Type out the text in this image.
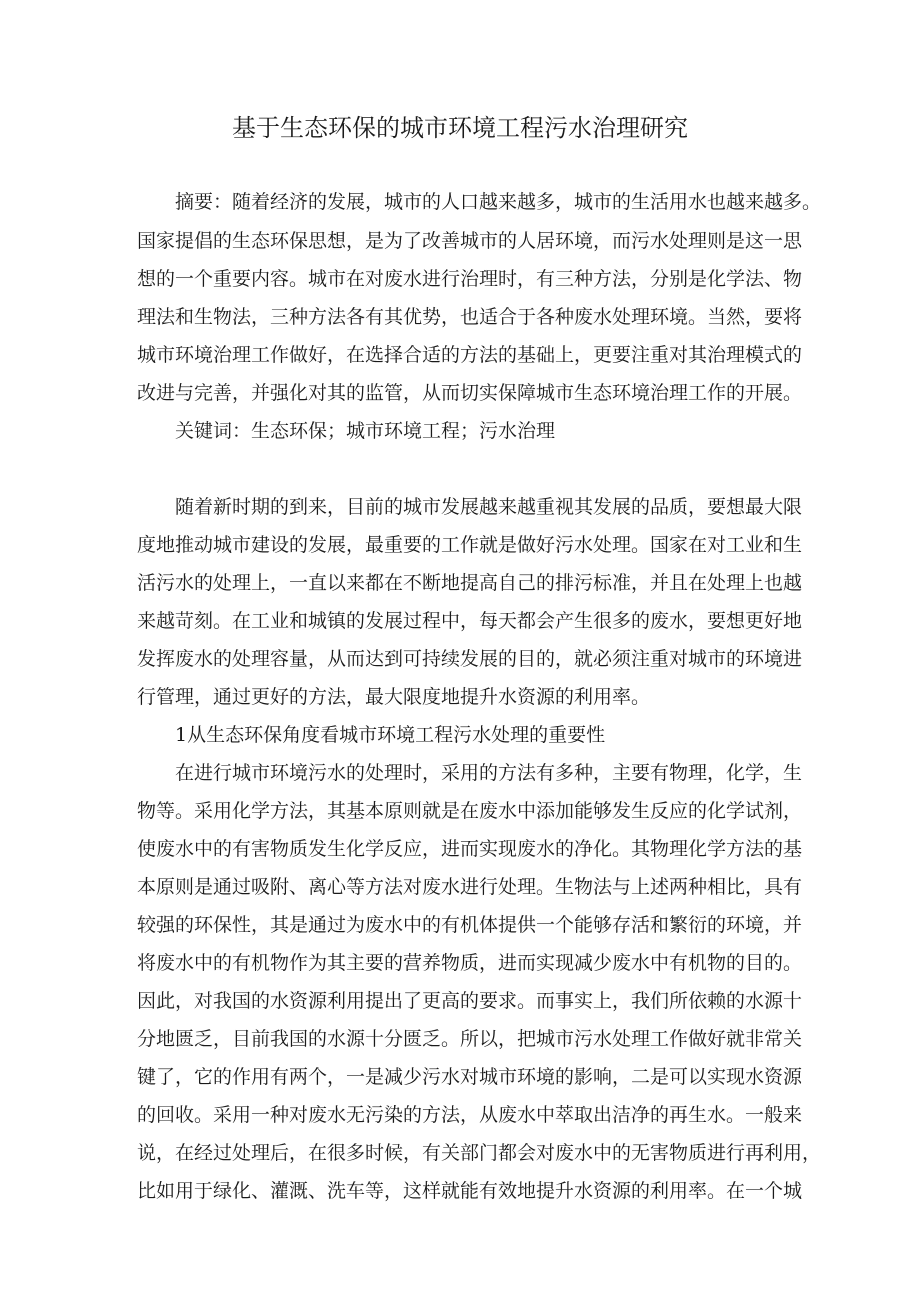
基于生态环保的城市环境工程污水治理研究

摘要：随着经济的发展，城市的人口越来越多，城市的生活用水也越来越多。

国家提倡的生态环保思想，是为了改善城市的人居环境，而污水处理则是这一思

想的一个重要内容。城市在对废水进行治理时，有三种方法，分别是化学法、物

理法和生物法，三种方法各有其优势，也适合于各种废水处理环境。当然，要将

城市环境治理工作做好，在选择合适的方法的基础上，更要注重对其治理模式的

改进与完善，并强化对其的监管，从而切实保障城市生态环境治理工作的开展。

关键词：生态环保；城市环境工程；污水治理

随着新时期的到来，目前的城市发展越来越重视其发展的品质，要想最大限

度地推动城市建设的发展，最重要的工作就是做好污水处理。国家在对工业和生

活污水的处理上，一直以来都在不断地提高自己的排污标准，并且在处理上也越

来越苛刻。在工业和城镇的发展过程中，每天都会产生很多的废水，要想更好地

发挥废水的处理容量，从而达到可持续发展的目的，就必须注重对城市的环境进

行管理，通过更好的方法，最大限度地提升水资源的利用率。

1从生态环保角度看城市环境工程污水处理的重要性

在进行城市环境污水的处理时，采用的方法有多种，主要有物理，化学，生

物等。采用化学方法，其基本原则就是在废水中添加能够发生反应的化学试剂，

使废水中的有害物质发生化学反应，进而实现废水的净化。其物理化学方法的基

本原则是通过吸附、离心等方法对废水进行处理。生物法与上述两种相比，具有

较强的环保性，其是通过为废水中的有机体提供一个能够存活和繁衍的环境，并

将废水中的有机物作为其主要的营养物质，进而实现减少废水中有机物的目的。

因此，对我国的水资源利用提出了更高的要求。而事实上，我们所依赖的水源十

分地匮乏，目前我国的水源十分匮乏。所以，把城市污水处理工作做好就非常关

键了，它的作用有两个，一是减少污水对城市环境的影响，二是可以实现水资源

的回收。采用一种对废水无污染的方法，从废水中萃取出洁净的再生水。一般来

说，在经过处理后，在很多时候，有关部门都会对废水中的无害物质进行再利用，

比如用于绿化、灌溉、洗车等，这样就能有效地提升水资源的利用率。在一个城
